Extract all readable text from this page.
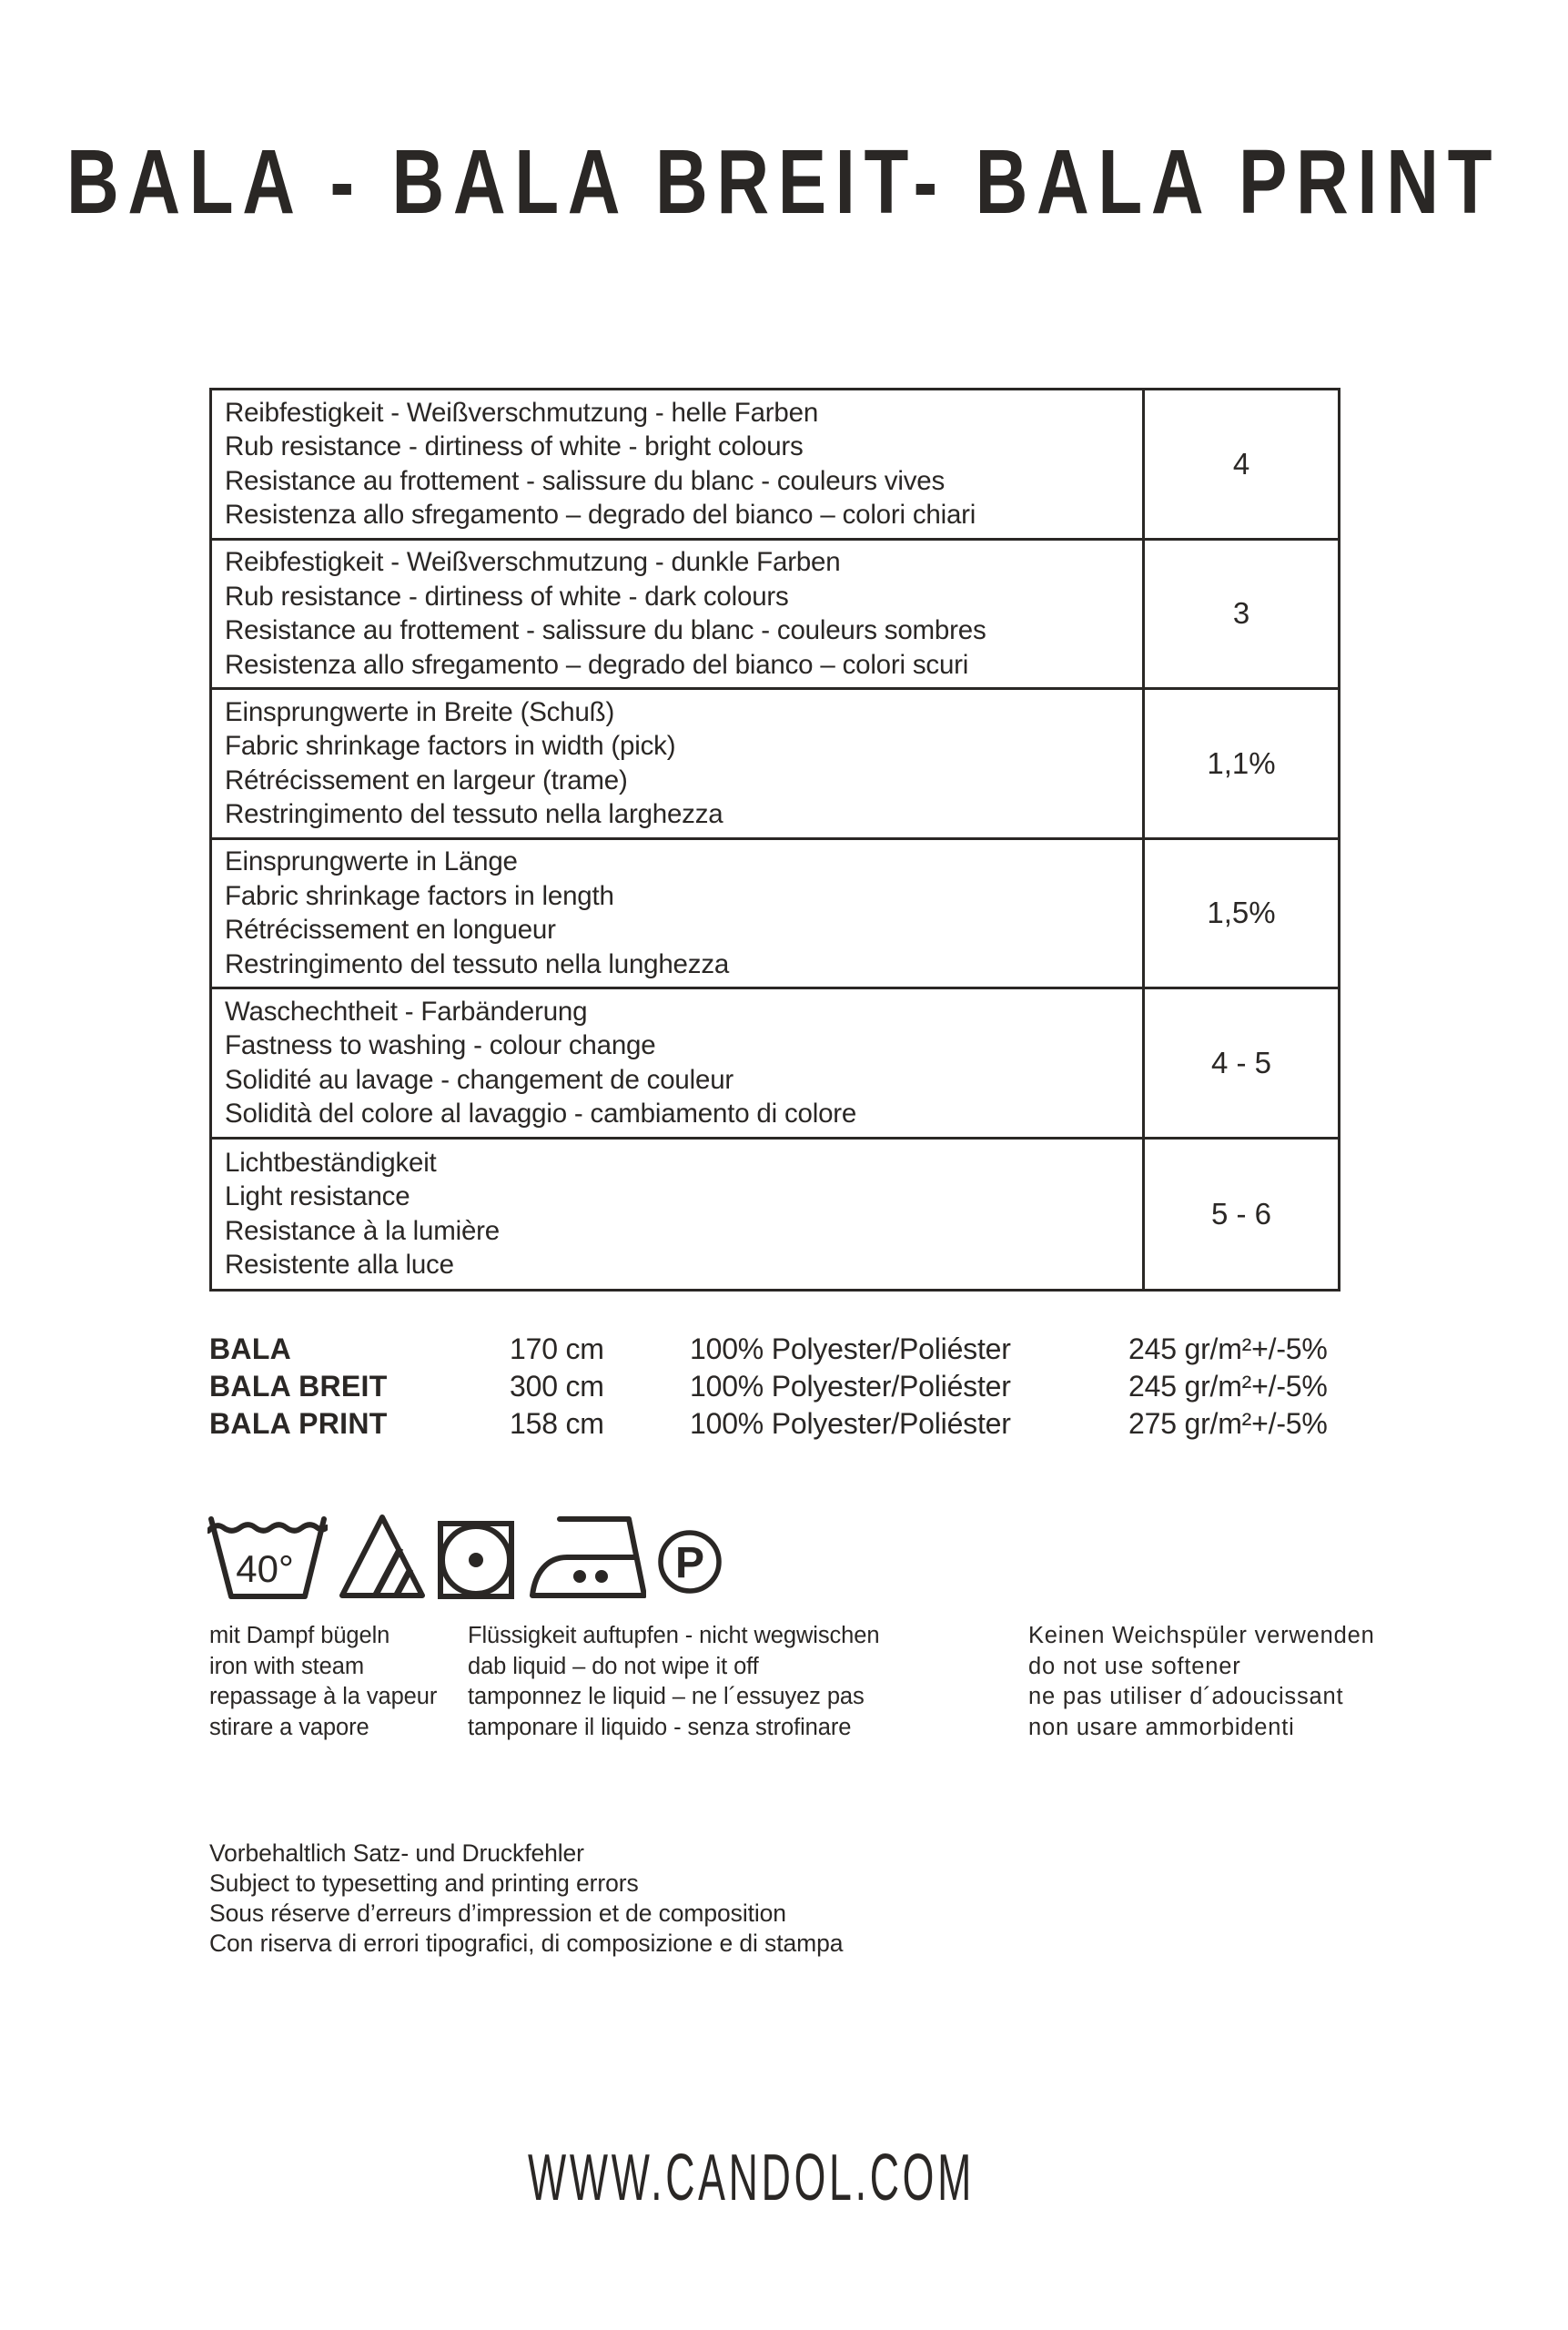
BALA - BALA BREIT- BALA PRINT
Reibfestigkeit - Weißverschmutzung - helle Farben
Rub resistance - dirtiness of white - bright colours
Resistance au frottement - salissure du blanc - couleurs vives
Resistenza allo sfregamento – degrado del bianco – colori chiari
4
Reibfestigkeit - Weißverschmutzung - dunkle Farben
Rub resistance - dirtiness of white - dark colours
Resistance au frottement - salissure du blanc - couleurs sombres
Resistenza allo sfregamento – degrado del bianco – colori scuri
3
Einsprungwerte in Breite (Schuß)
Fabric shrinkage factors in width (pick)
Rétrécissement en largeur (trame)
Restringimento del tessuto nella larghezza
1,1%
Einsprungwerte in Länge
Fabric shrinkage factors in length
Rétrécissement en longueur
Restringimento del tessuto nella lunghezza
1,5%
Waschechtheit - Farbänderung
Fastness to washing - colour change
Solidité au lavage - changement de couleur
Solidità del colore al lavaggio - cambiamento di colore
4 - 5
Lichtbeständigkeit
Light resistance
Resistance à la lumière
Resistente alla luce
5 - 6
BALA	170 cm	100% Polyester/Poliéster	245 gr/m²+/-5%
BALA BREIT	300 cm	100% Polyester/Poliéster	245 gr/m²+/-5%
BALA PRINT	158 cm	100% Polyester/Poliéster	275 gr/m²+/-5%
40°	P
mit Dampf bügeln
iron with steam
repassage à la vapeur
stirare a vapore
Flüssigkeit auftupfen - nicht wegwischen
dab liquid – do not wipe it off
tamponnez le liquid – ne l´essuyez pas
tamponare il liquido - senza strofinare
Keinen Weichspüler verwenden
do not use softener
ne pas utiliser d´adoucissant
non usare ammorbidenti
Vorbehaltlich Satz- und Druckfehler
Subject to typesetting and printing errors
Sous réserve d’erreurs d’impression et de composition
Con riserva di errori tipografici, di composizione e di stampa
WWW.CANDOL.COM
